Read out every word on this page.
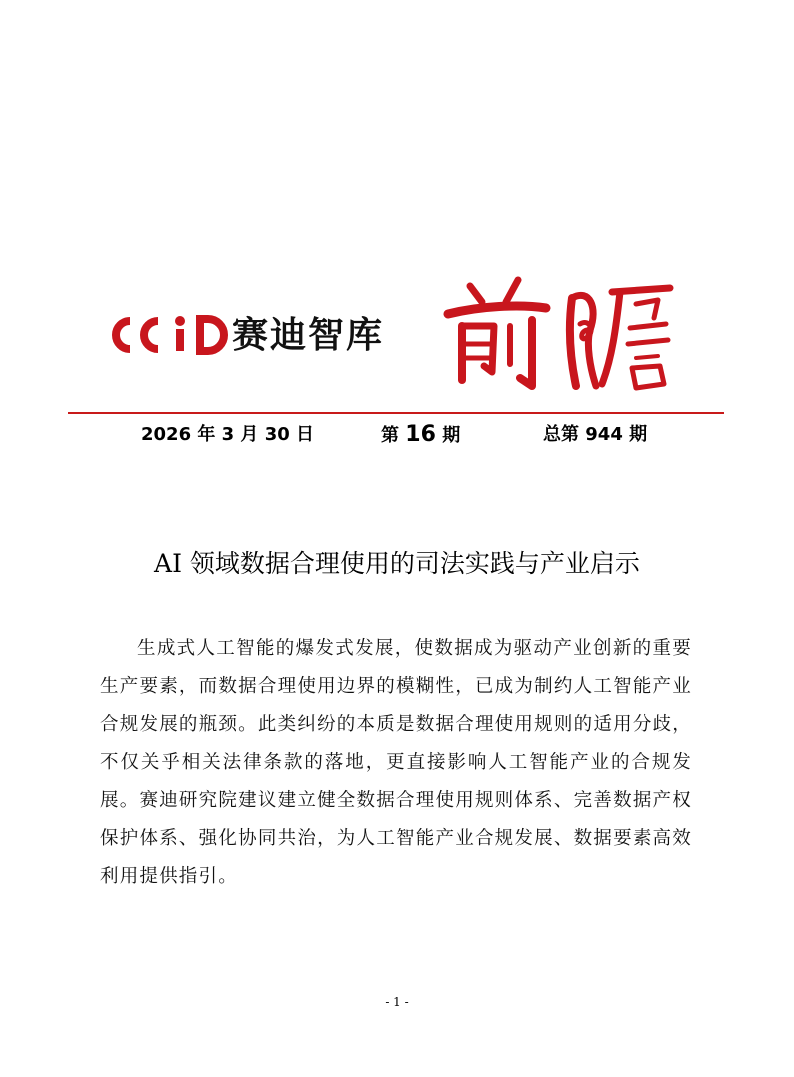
赛迪智库
2026 年 3 月 30 日	第 16 期	总第 944 期
AI 领域数据合理使用的司法实践与产业启示

生成式人工智能的爆发式发展，使数据成为驱动产业创新的重要生产要素，而数据合理使用边界的模糊性，已成为制约人工智能产业合规发展的瓶颈。此类纠纷的本质是数据合理使用规则的适用分歧，不仅关乎相关法律条款的落地，更直接影响人工智能产业的合规发展。赛迪研究院建议建立健全数据合理使用规则体系、完善数据产权保护体系、强化协同共治，为人工智能产业合规发展、数据要素高效利用提供指引。

- 1 -
